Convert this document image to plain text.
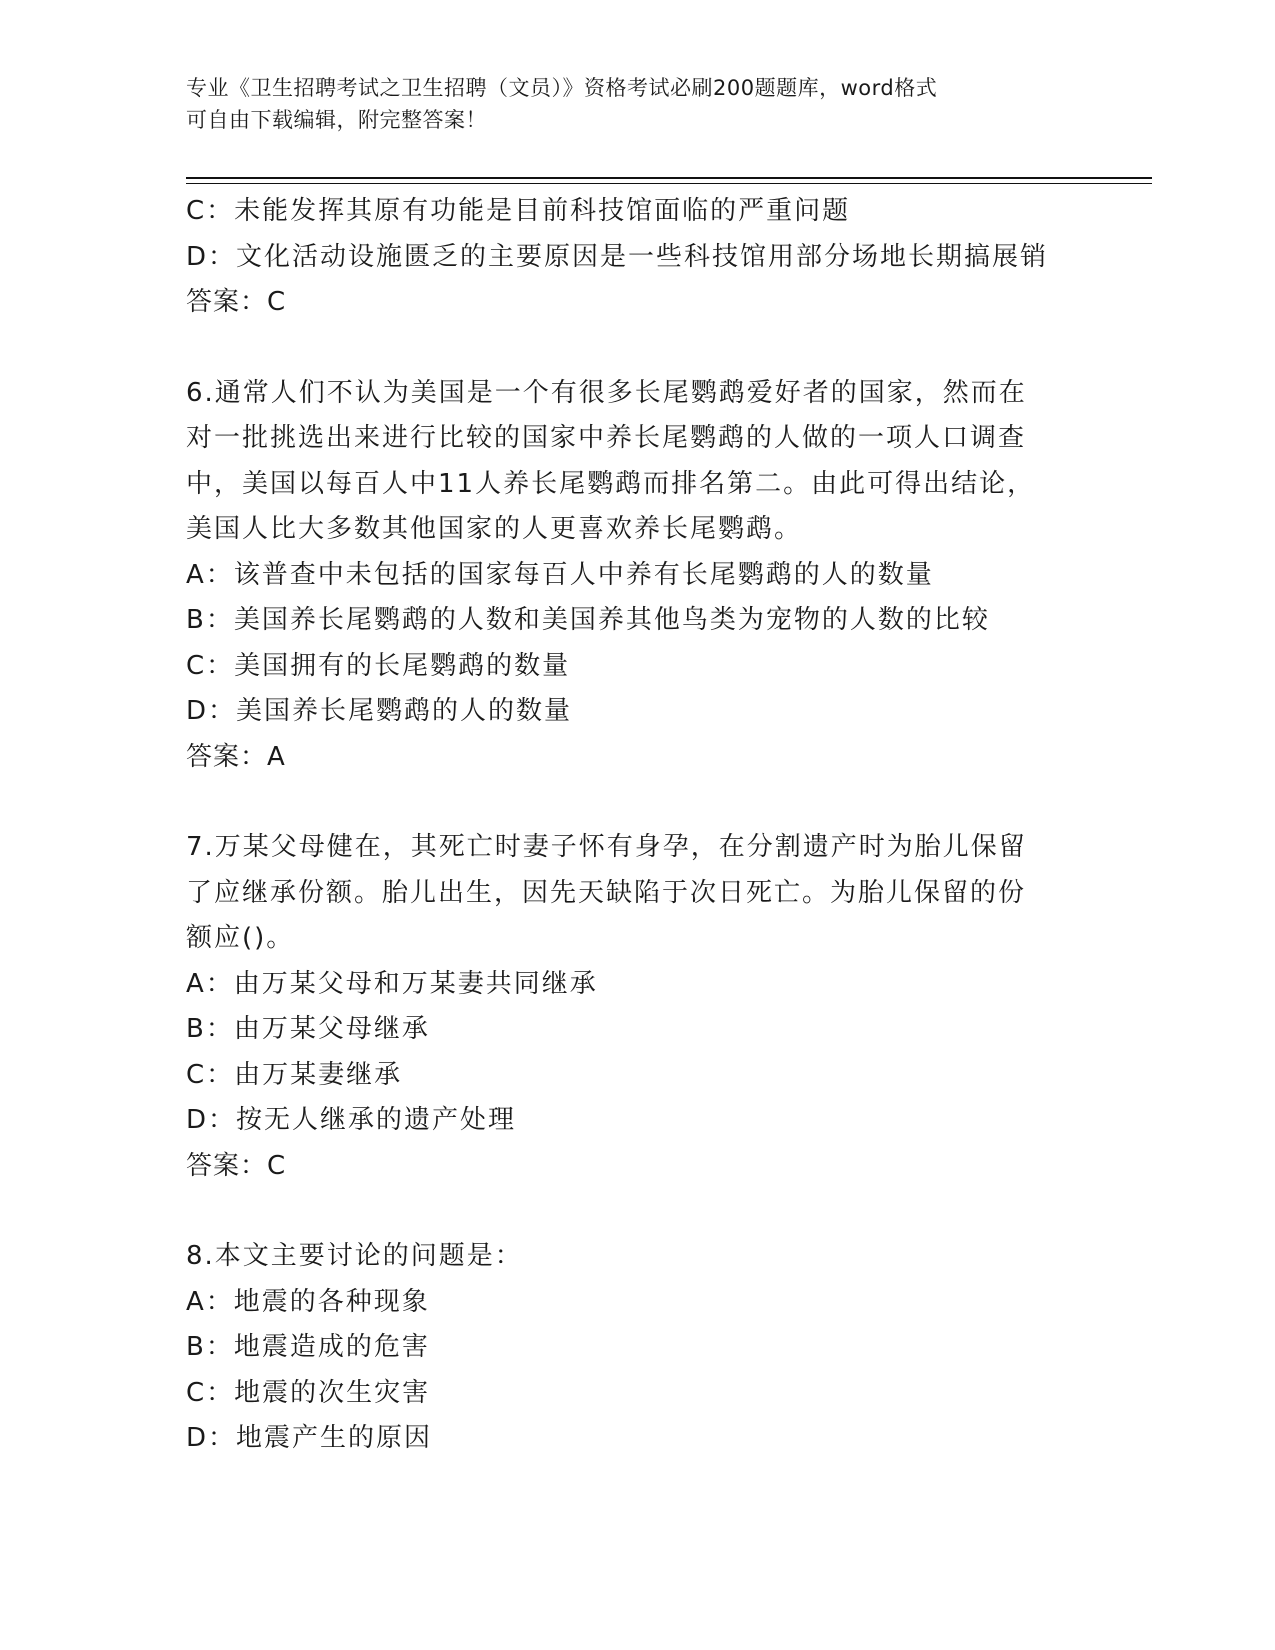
专业《卫生招聘考试之卫生招聘（文员）》资格考试必刷200题题库，word格式
可自由下载编辑，附完整答案！
C：未能发挥其原有功能是目前科技馆面临的严重问题
D：文化活动设施匮乏的主要原因是一些科技馆用部分场地长期搞展销
答案：C
6.通常人们不认为美国是一个有很多长尾鹦鹉爱好者的国家，然而在
对一批挑选出来进行比较的国家中养长尾鹦鹉的人做的一项人口调查
中，美国以每百人中11人养长尾鹦鹉而排名第二。由此可得出结论，
美国人比大多数其他国家的人更喜欢养长尾鹦鹉。
A：该普查中未包括的国家每百人中养有长尾鹦鹉的人的数量
B：美国养长尾鹦鹉的人数和美国养其他鸟类为宠物的人数的比较
C：美国拥有的长尾鹦鹉的数量
D：美国养长尾鹦鹉的人的数量
答案：A
7.万某父母健在，其死亡时妻子怀有身孕，在分割遗产时为胎儿保留
了应继承份额。胎儿出生，因先天缺陷于次日死亡。为胎儿保留的份
额应()。
A：由万某父母和万某妻共同继承
B：由万某父母继承
C：由万某妻继承
D：按无人继承的遗产处理
答案：C
8.本文主要讨论的问题是：
A：地震的各种现象
B：地震造成的危害
C：地震的次生灾害
D：地震产生的原因
